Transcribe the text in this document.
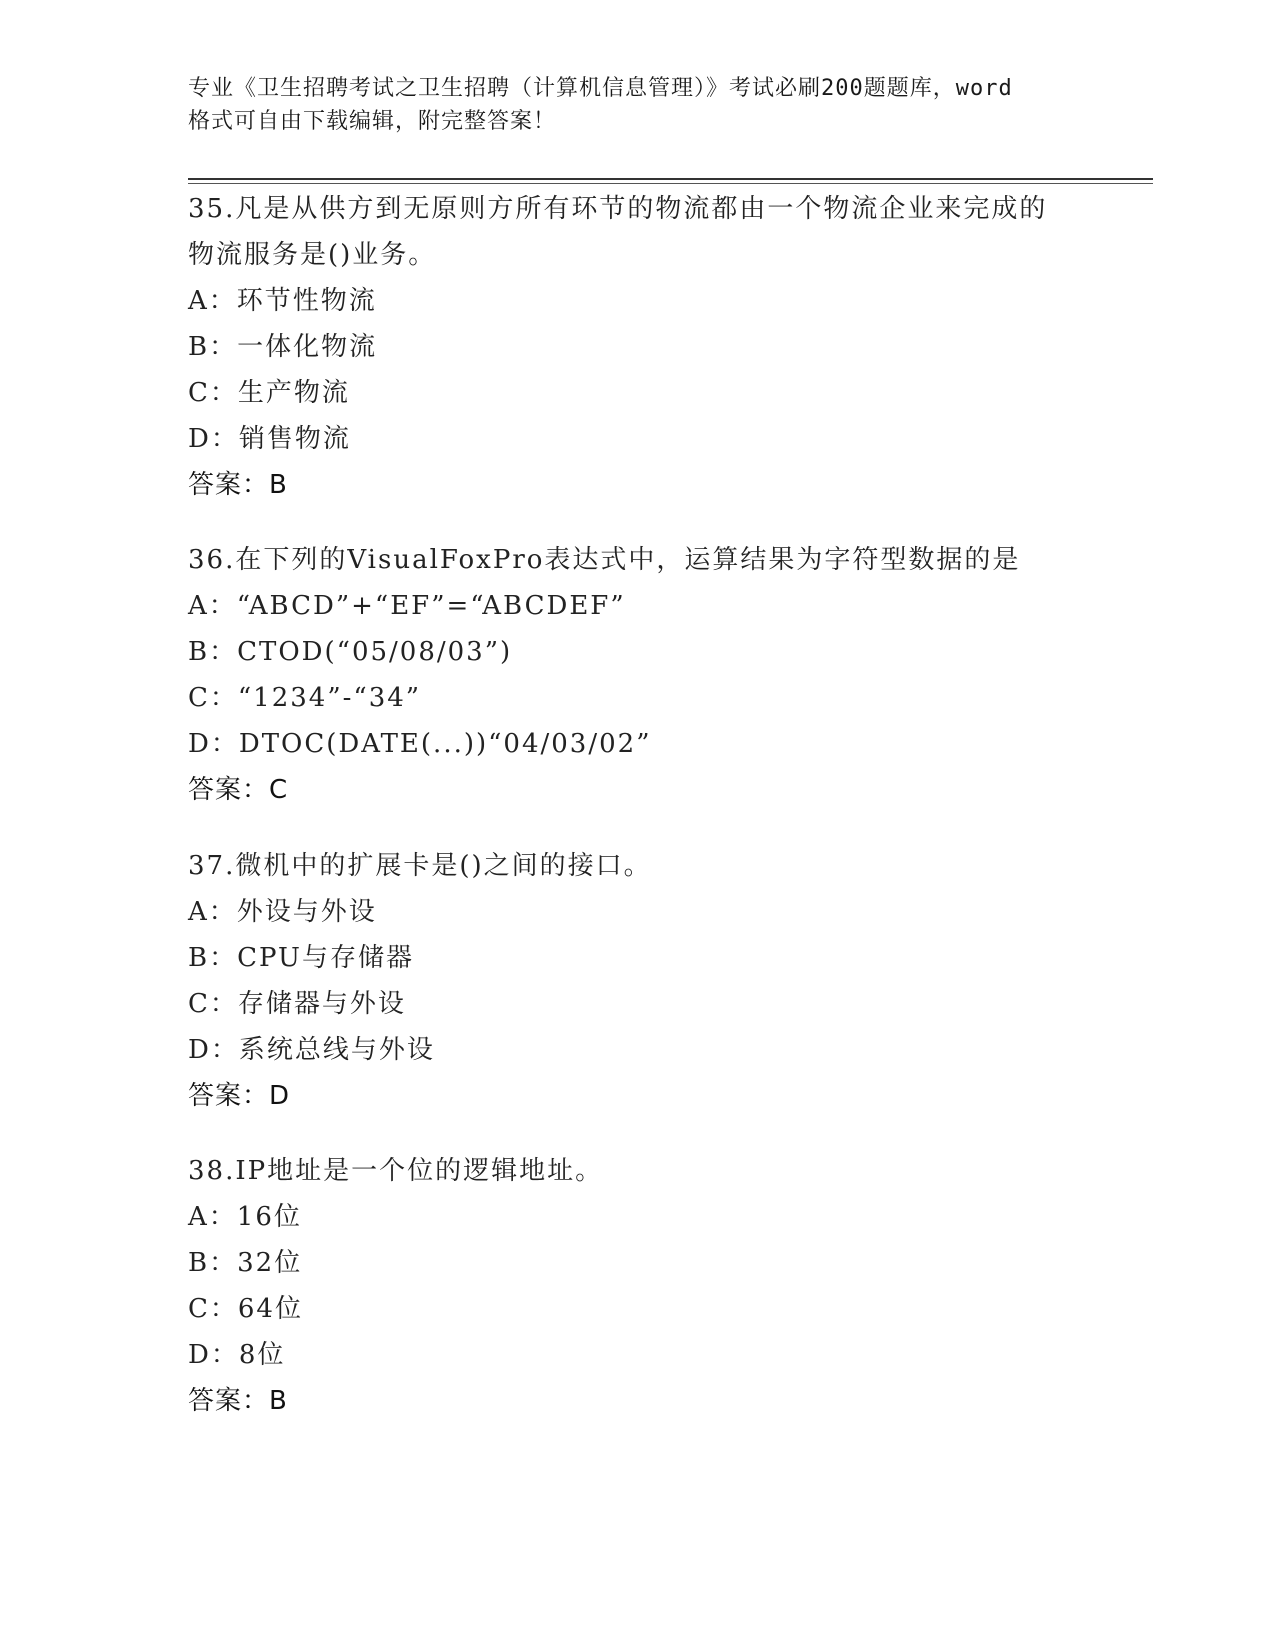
专业《卫生招聘考试之卫生招聘（计算机信息管理）》考试必刷200题题库，word
格式可自由下载编辑，附完整答案！
35.凡是从供方到无原则方所有环节的物流都由一个物流企业来完成的
物流服务是()业务。
A：环节性物流
B：一体化物流
C：生产物流
D：销售物流
答案：B
36.在下列的VisualFoxPro表达式中，运算结果为字符型数据的是
A：“ABCD”+“EF”=“ABCDEF”
B：CTOD(“05/08/03”)
C：“1234”-“34”
D：DTOC(DATE(...))“04/03/02”
答案：C
37.微机中的扩展卡是()之间的接口。
A：外设与外设
B：CPU与存储器
C：存储器与外设
D：系统总线与外设
答案：D
38.IP地址是一个位的逻辑地址。
A：16位
B：32位
C：64位
D：8位
答案：B
